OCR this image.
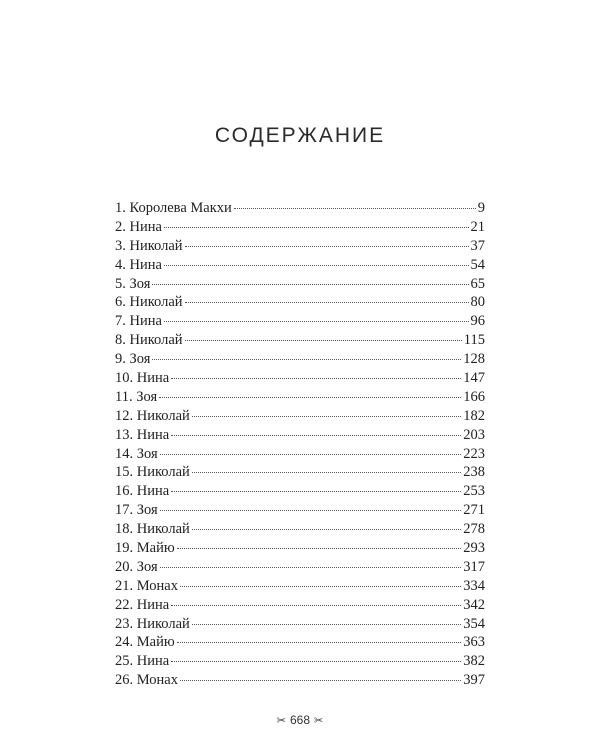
СОДЕРЖАНИЕ
1. Королева Макхи	9
2. Нина	21
3. Николай	37
4. Нина	54
5. Зоя	65
6. Николай	80
7. Нина	96
8. Николай	115
9. Зоя	128
10. Нина	147
11. Зоя	166
12. Николай	182
13. Нина	203
14. Зоя	223
15. Николай	238
16. Нина	253
17. Зоя	271
18. Николай	278
19. Майю	293
20. Зоя	317
21. Монах	334
22. Нина	342
23. Николай	354
24. Майю	363
25. Нина	382
26. Монах	397
✂ 668 ✂
